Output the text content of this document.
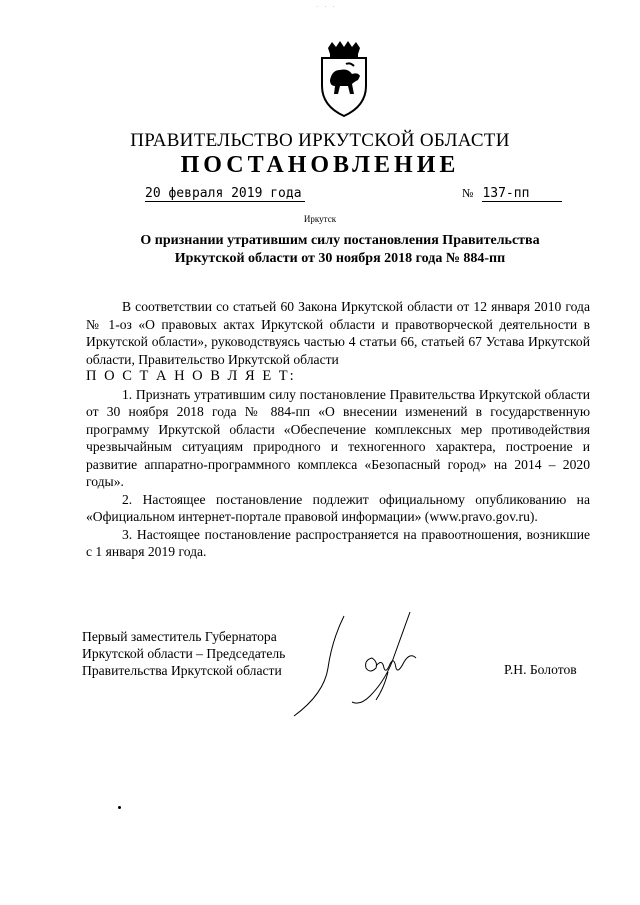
· · ·
ПРАВИТЕЛЬСТВО ИРКУТСКОЙ ОБЛАСТИ
ПОСТАНОВЛЕНИЕ
20 февраля 2019 года	№ 137-пп
Иркутск
О признании утратившим силу постановления Правительства Иркутской области от 30 ноября 2018 года № 884-пп

В соответствии со статьей 60 Закона Иркутской области от 12 января 2010 года № 1-оз «О правовых актах Иркутской области и правотворческой деятельности в Иркутской области», руководствуясь частью 4 статьи 66, статьей 67 Устава Иркутской области, Правительство Иркутской области

П О С Т А Н О В Л Я Е Т:

1. Признать утратившим силу постановление Правительства Иркутской области от 30 ноября 2018 года № 884-пп «О внесении изменений в государственную программу Иркутской области «Обеспечение комплексных мер противодействия чрезвычайным ситуациям природного и техногенного характера, построение и развитие аппаратно-программного комплекса «Безопасный город» на 2014 – 2020 годы».

2. Настоящее постановление подлежит официальному опубликованию на «Официальном интернет-портале правовой информации» (www.pravo.gov.ru).

3. Настоящее постановление распространяется на правоотношения, возникшие с 1 января 2019 года.

Первый заместитель Губернатора
Иркутской области – Председатель
Правительства Иркутской области	Р.Н. Болотов
